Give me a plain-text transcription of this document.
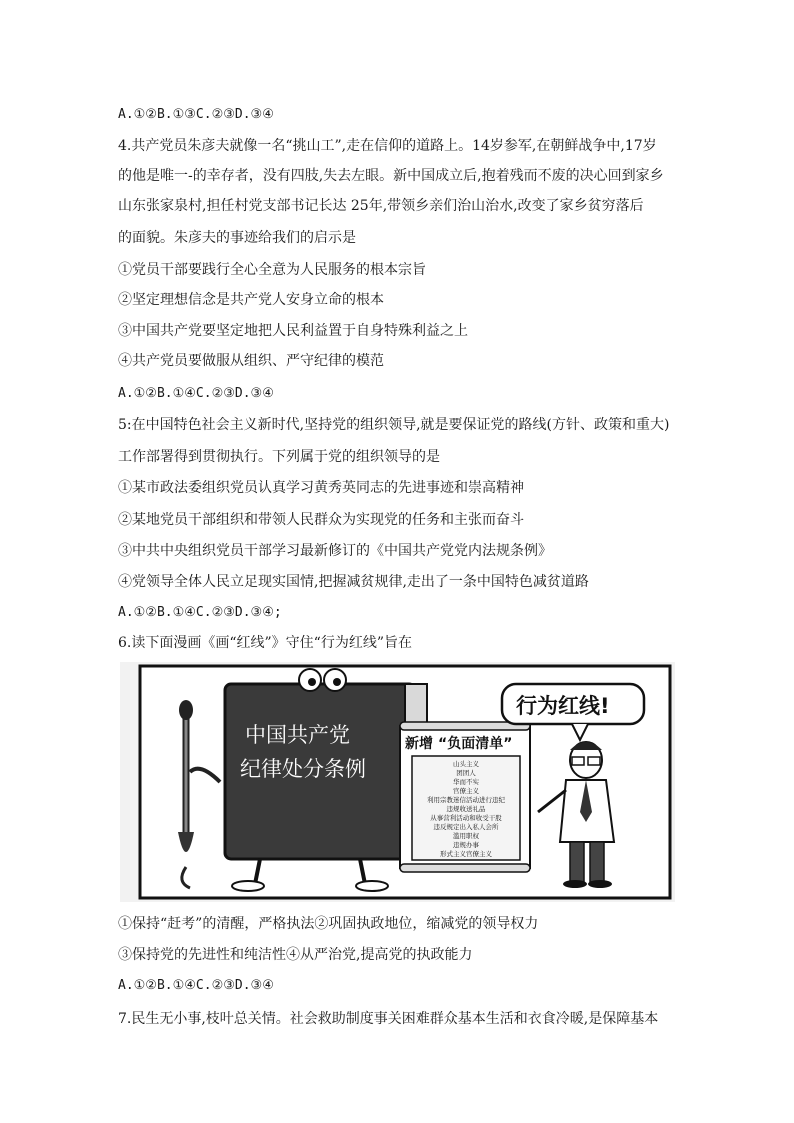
A.①②B.①③C.②③D.③④
4.共产党员朱彦夫就像一名“挑山工”,走在信仰的道路上。14岁参军,在朝鲜战争中,17岁
的他是唯一-的幸存者，没有四肢,失去左眼。新中国成立后,抱着残而不废的决心回到家乡
山东张家泉村,担任村党支部书记长达 25年,带领乡亲们治山治水,改变了家乡贫穷落后
的面貌。朱彦夫的事迹给我们的启示是
①党员干部要践行全心全意为人民服务的根本宗旨
②坚定理想信念是共产党人安身立命的根本
③中国共产党要坚定地把人民利益置于自身特殊利益之上
④共产党员要做服从组织、严守纪律的模范
A.①②B.①④C.②③D.③④
5:在中国特色社会主义新时代,坚持党的组织领导,就是要保证党的路线(方针、政策和重大)
工作部署得到贯彻执行。下列属于党的组织领导的是
①某市政法委组织党员认真学习黄秀英同志的先进事迹和崇高精神
②某地党员干部组织和带领人民群众为实现党的任务和主张而奋斗
③中共中央组织党员干部学习最新修订的《中国共产党党内法规条例》
④党领导全体人民立足现实国情,把握减贫规律,走出了一条中国特色减贫道路
A.①②B.①④C.②③D.③④;
6.读下面漫画《画“红线”》守住“行为红线”旨在
中国共产党
纪律处分条例
新增 “负面清单”
山头主义
团团人
华而不实
官僚主义
利用宗教迷信活动进行违纪
违规收送礼品
从事营利活动和收受干股
违反规定出入私人会所
滥用职权
违规办事
形式主义官僚主义
行为红线!
①保持“赶考”的清醒，严格执法②巩固执政地位，缩减党的领导权力
③保持党的先进性和纯洁性④从严治党,提高党的执政能力
A.①②B.①④C.②③D.③④
7.民生无小事,枝叶总关情。社会救助制度事关困难群众基本生活和衣食冷暖,是保障基本
